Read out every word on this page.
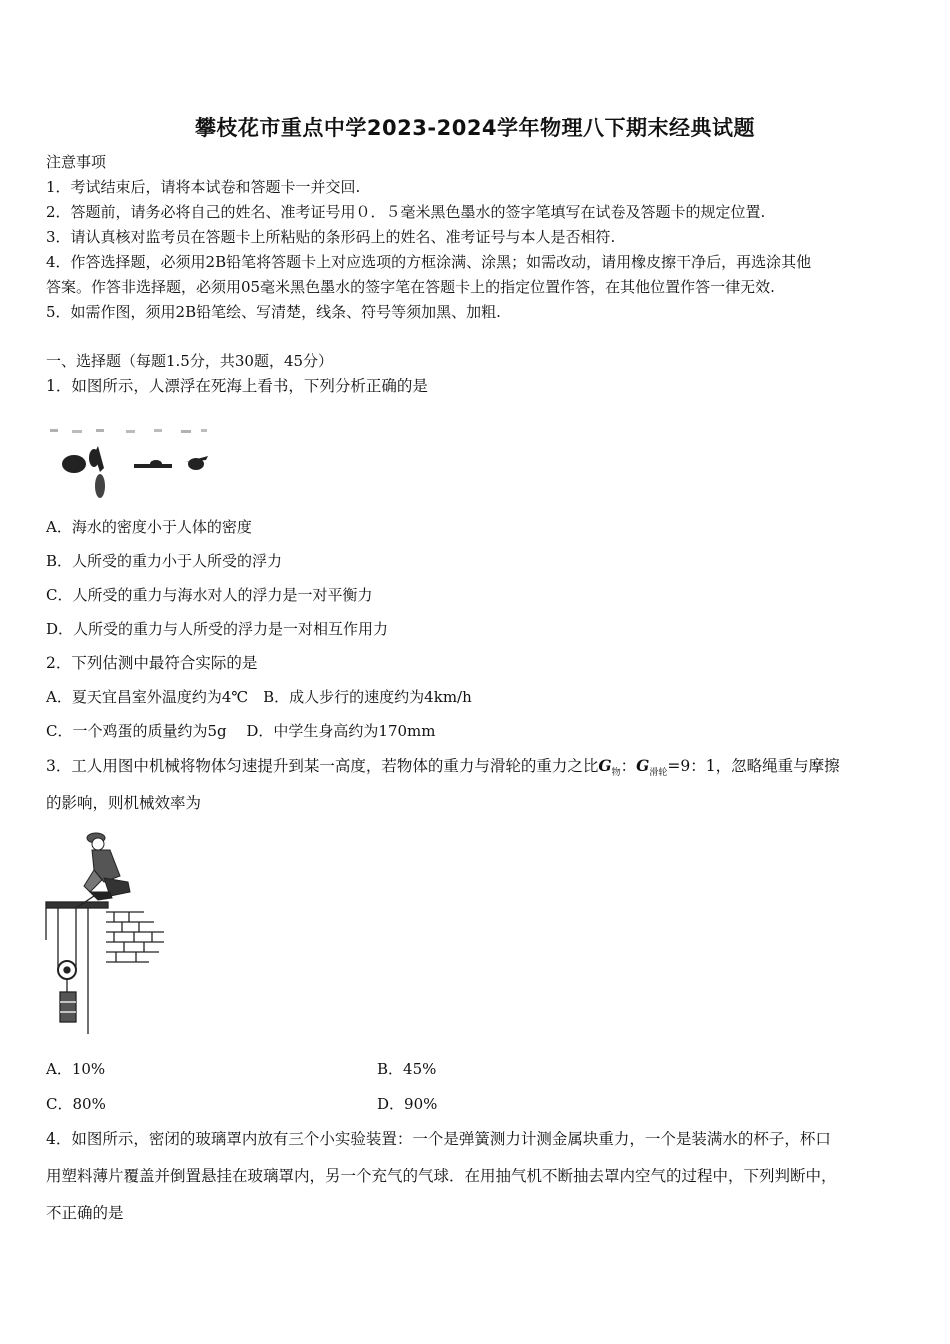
攀枝花市重点中学2023-2024学年物理八下期末经典试题
注意事项
1．考试结束后，请将本试卷和答题卡一并交回.
2．答题前，请务必将自己的姓名、准考证号用０．５毫米黑色墨水的签字笔填写在试卷及答题卡的规定位置.
3．请认真核对监考员在答题卡上所粘贴的条形码上的姓名、准考证号与本人是否相符.
4．作答选择题，必须用2B铅笔将答题卡上对应选项的方框涂满、涂黑；如需改动，请用橡皮擦干净后，再选涂其他
答案。作答非选择题，必须用05毫米黑色墨水的签字笔在答题卡上的指定位置作答，在其他位置作答一律无效.
5．如需作图，须用2B铅笔绘、写清楚，线条、符号等须加黑、加粗.
一、选择题（每题1.5分，共30题，45分）
1．如图所示，人漂浮在死海上看书，下列分析正确的是
A．海水的密度小于人体的密度
B．人所受的重力小于人所受的浮力
C．人所受的重力与海水对人的浮力是一对平衡力
D．人所受的重力与人所受的浮力是一对相互作用力
2．下列估测中最符合实际的是
A．夏天宜昌室外温度约为4℃　B．成人步行的速度约为4km/h
C．一个鸡蛋的质量约为5g　 D．中学生身高约为170mm
3．工人用图中机械将物体匀速提升到某一高度，若物体的重力与滑轮的重力之比$G_物$：$G_{滑轮}=9$：1，忽略绳重与摩擦
的影响，则机械效率为
A．10%	B．45%
C．80%	D．90%
4．如图所示，密闭的玻璃罩内放有三个小实验装置：一个是弹簧测力计测金属块重力，一个是装满水的杯子，杯口
用塑料薄片覆盖并倒置悬挂在玻璃罩内，另一个充气的气球．在用抽气机不断抽去罩内空气的过程中，下列判断中，
不正确的是
